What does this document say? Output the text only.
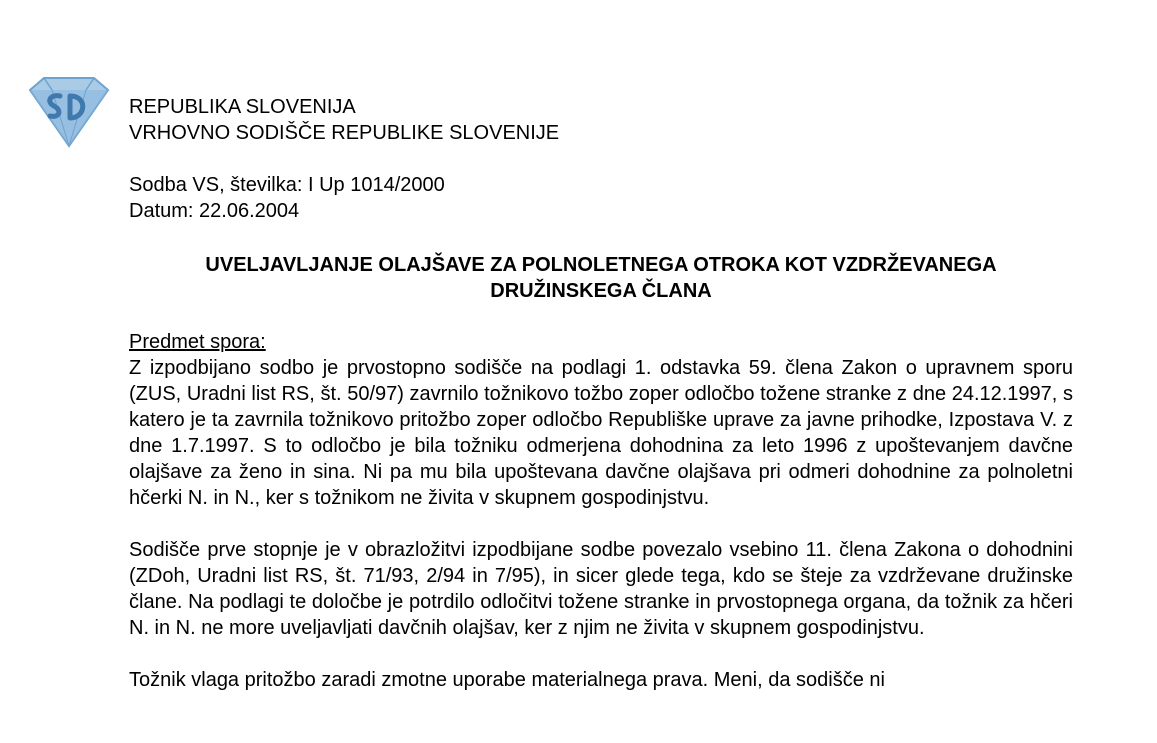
REPUBLIKA SLOVENIJA
VRHOVNO SODIŠČE REPUBLIKE SLOVENIJE
Sodba VS, številka: I Up 1014/2000
Datum: 22.06.2004
UVELJAVLJANJE OLAJŠAVE ZA POLNOLETNEGA OTROKA KOT VZDRŽEVANEGA
DRUŽINSKEGA ČLANA
Predmet spora:

Z izpodbijano sodbo je prvostopno sodišče na podlagi 1. odstavka 59. člena Zakon o upravnem sporu (ZUS, Uradni list RS, št. 50/97) zavrnilo tožnikovo tožbo zoper odločbo tožene stranke z dne 24.12.1997, s katero je ta zavrnila tožnikovo pritožbo zoper odločbo Republiške uprave za javne prihodke, Izpostava V. z dne 1.7.1997. S to odločbo je bila tožniku odmerjena dohodnina za leto 1996 z upoštevanjem davčne olajšave za ženo in sina. Ni pa mu bila upoštevana davčne olajšava pri odmeri dohodnine za polnoletni hčerki N. in N., ker s tožnikom ne živita v skupnem gospodinjstvu.

Sodišče prve stopnje je v obrazložitvi izpodbijane sodbe povezalo vsebino 11. člena Zakona o dohodnini (ZDoh, Uradni list RS, št. 71/93, 2/94 in 7/95), in sicer glede tega, kdo se šteje za vzdrževane družinske člane. Na podlagi te določbe je potrdilo odločitvi tožene stranke in prvostopnega organa, da tožnik za hčeri N. in N. ne more uveljavljati davčnih olajšav, ker z njim ne živita v skupnem gospodinjstvu.

Tožnik vlaga pritožbo zaradi zmotne uporabe materialnega prava. Meni, da sodišče ni
